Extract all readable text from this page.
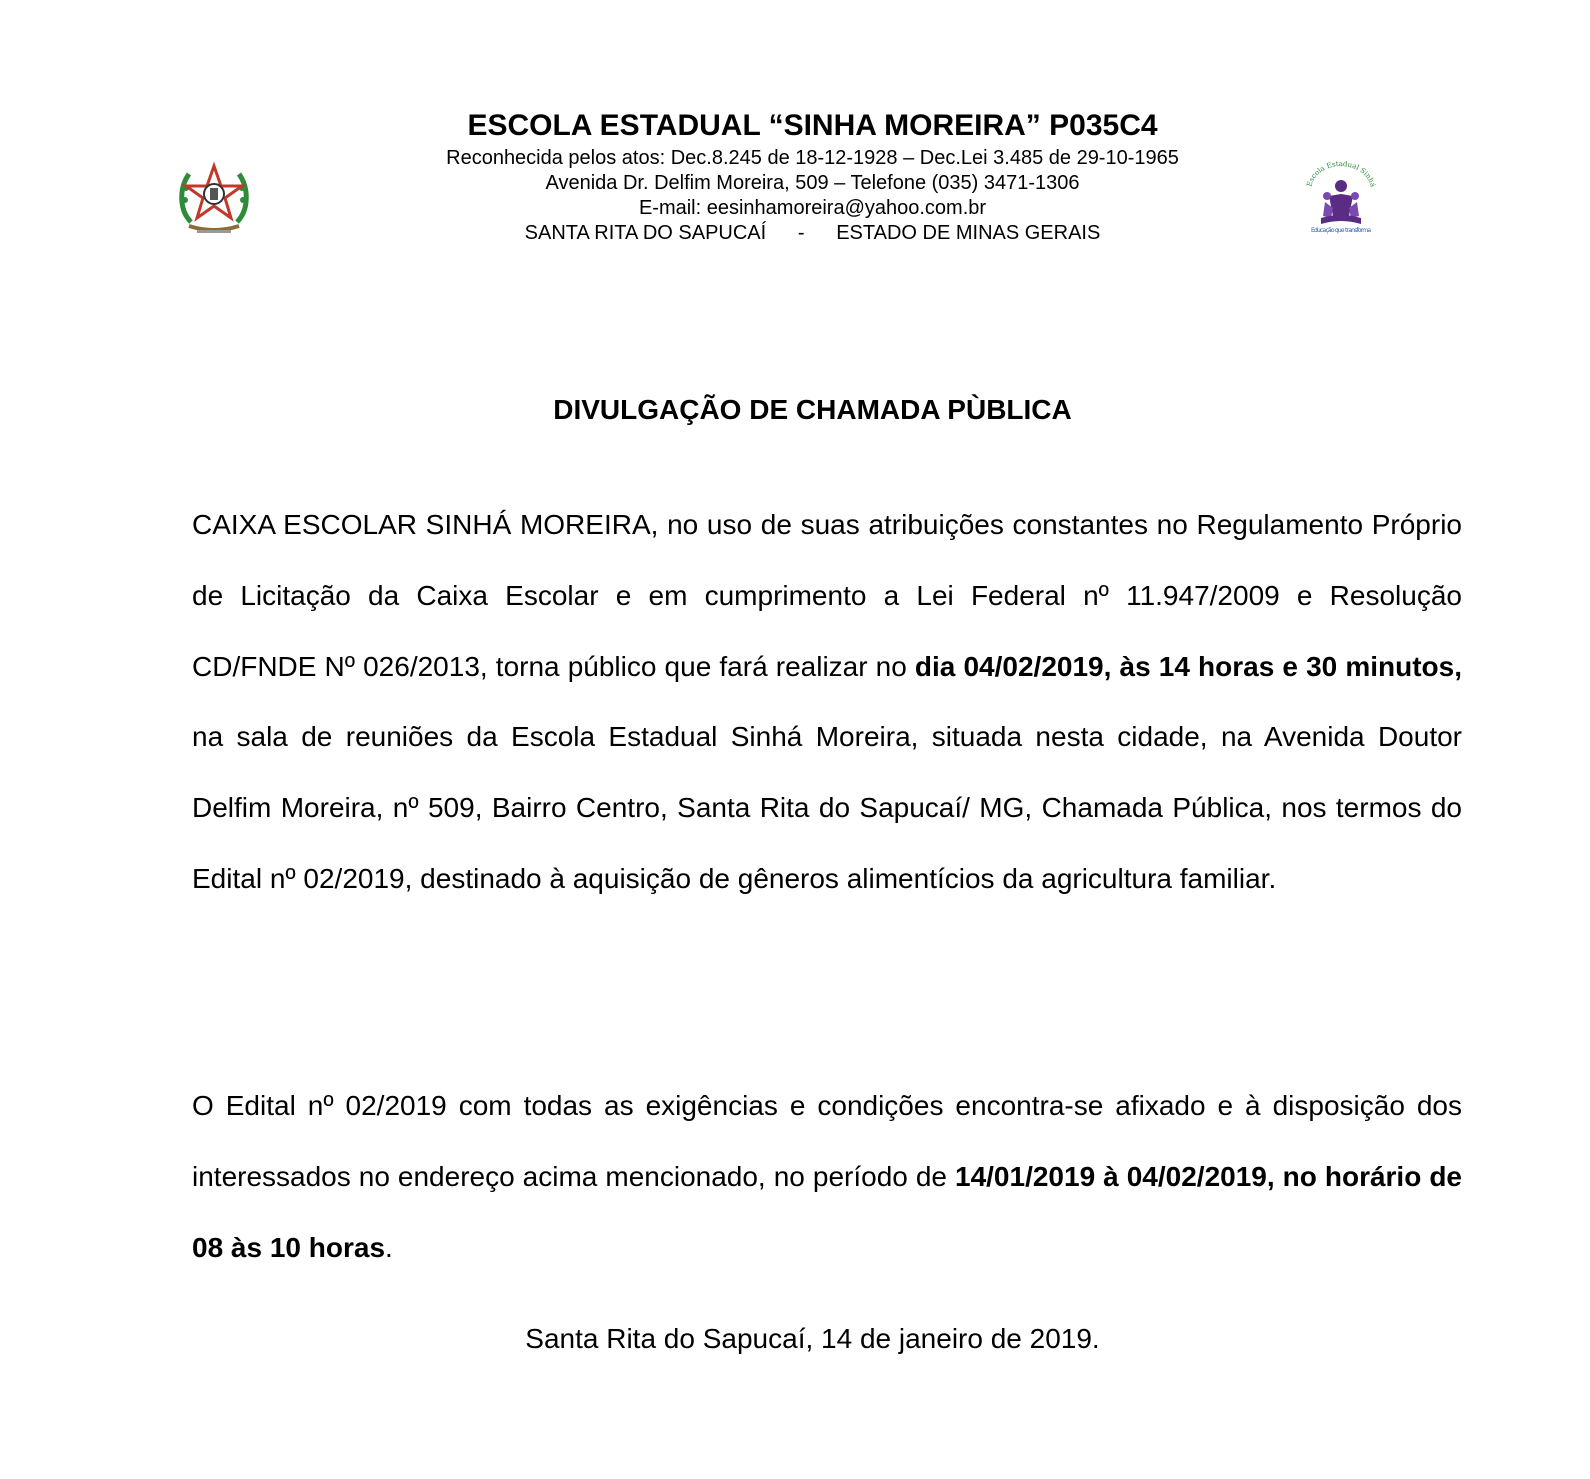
ESCOLA ESTADUAL “SINHA MOREIRA” P035C4
Reconhecida pelos atos: Dec.8.245 de 18-12-1928 – Dec.Lei 3.485 de 29-10-1965
Avenida Dr. Delfim Moreira, 509 – Telefone (035) 3471-1306
E-mail: eesinhamoreira@yahoo.com.br
SANTA RITA DO SAPUCAÍ - ESTADO DE MINAS GERAIS
Escola Estadual Sinhá
Educação que transforma
DIVULGAÇÃO DE CHAMADA PÙBLICA

CAIXA ESCOLAR SINHÁ MOREIRA, no uso de suas atribuições constantes no Regulamento Próprio de Licitação da Caixa Escolar e em cumprimento a Lei Federal nº 11.947/2009 e Resolução CD/FNDE Nº 026/2013, torna público que fará realizar no dia 04/02/2019, às 14 horas e 30 minutos, na sala de reuniões da Escola Estadual Sinhá Moreira, situada nesta cidade, na Avenida Doutor Delfim Moreira, nº 509, Bairro Centro, Santa Rita do Sapucaí/ MG, Chamada Pública, nos termos do Edital nº 02/2019, destinado à aquisição de gêneros alimentícios da agricultura familiar.

O Edital nº 02/2019 com todas as exigências e condições encontra-se afixado e à disposição dos interessados no endereço acima mencionado, no período de 14/01/2019 à 04/02/2019, no horário de 08 às 10 horas.

Santa Rita do Sapucaí, 14 de janeiro de 2019.
